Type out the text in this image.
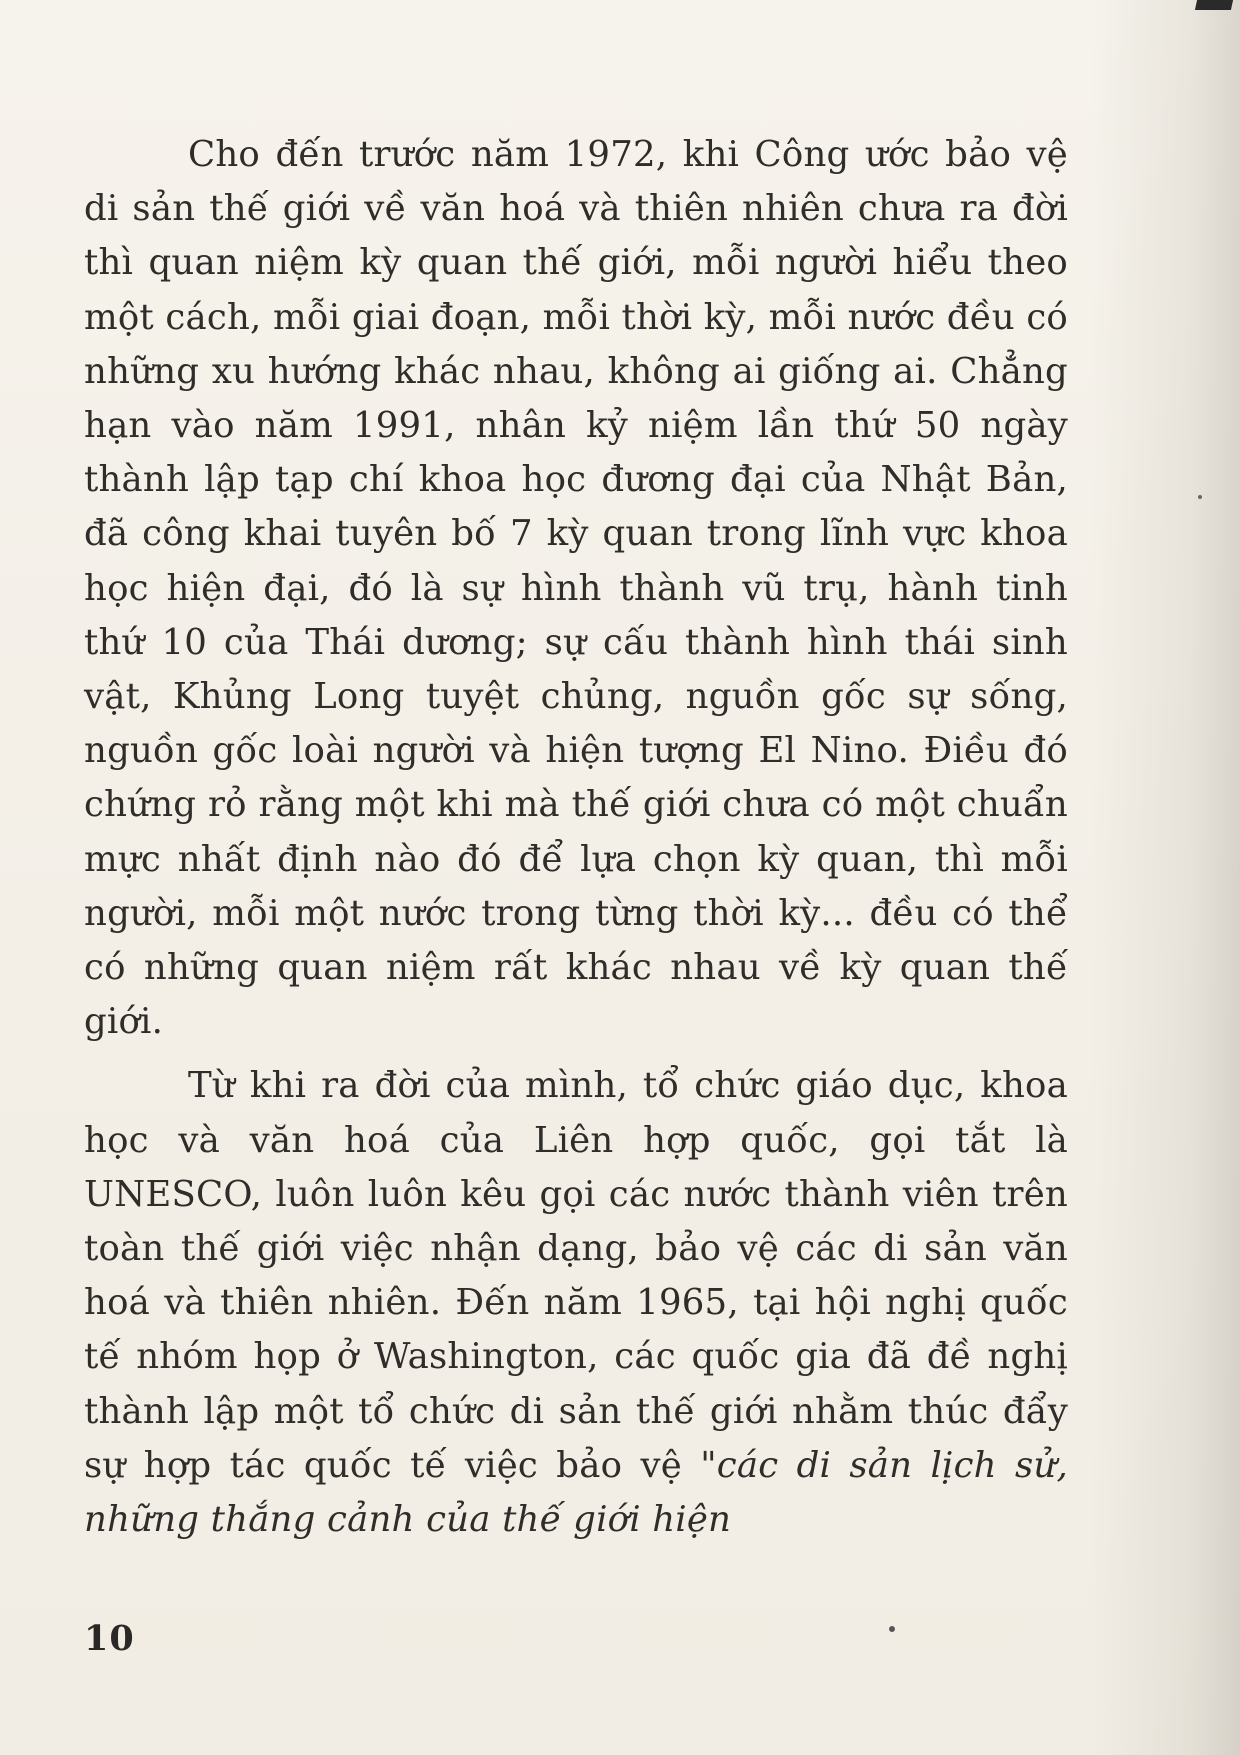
Cho đến trước năm 1972, khi Công ước bảo vệ di sản thế giới về văn hoá và thiên nhiên chưa ra đời thì quan niệm kỳ quan thế giới, mỗi người hiểu theo một cách, mỗi giai đoạn, mỗi thời kỳ, mỗi nước đều có những xu hướng khác nhau, không ai giống ai. Chẳng hạn vào năm 1991, nhân kỷ niệm lần thứ 50 ngày thành lập tạp chí khoa học đương đại của Nhật Bản, đã công khai tuyên bố 7 kỳ quan trong lĩnh vực khoa học hiện đại, đó là sự hình thành vũ trụ, hành tinh thứ 10 của Thái dương; sự cấu thành hình thái sinh vật, Khủng Long tuyệt chủng, nguồn gốc sự sống, nguồn gốc loài người và hiện tượng El Nino. Điều đó chứng rỏ rằng một khi mà thế giới chưa có một chuẩn mực nhất định nào đó để lựa chọn kỳ quan, thì mỗi người, mỗi một nước trong từng thời kỳ... đều có thể có những quan niệm rất khác nhau về kỳ quan thế giới.

Từ khi ra đời của mình, tổ chức giáo dục, khoa học và văn hoá của Liên hợp quốc, gọi tắt là UNESCO, luôn luôn kêu gọi các nước thành viên trên toàn thế giới việc nhận dạng, bảo vệ các di sản văn hoá và thiên nhiên. Đến năm 1965, tại hội nghị quốc tế nhóm họp ở Washington, các quốc gia đã đề nghị thành lập một tổ chức di sản thế giới nhằm thúc đẩy sự hợp tác quốc tế việc bảo vệ "các di sản lịch sử, những thắng cảnh của thế giới hiện

10
